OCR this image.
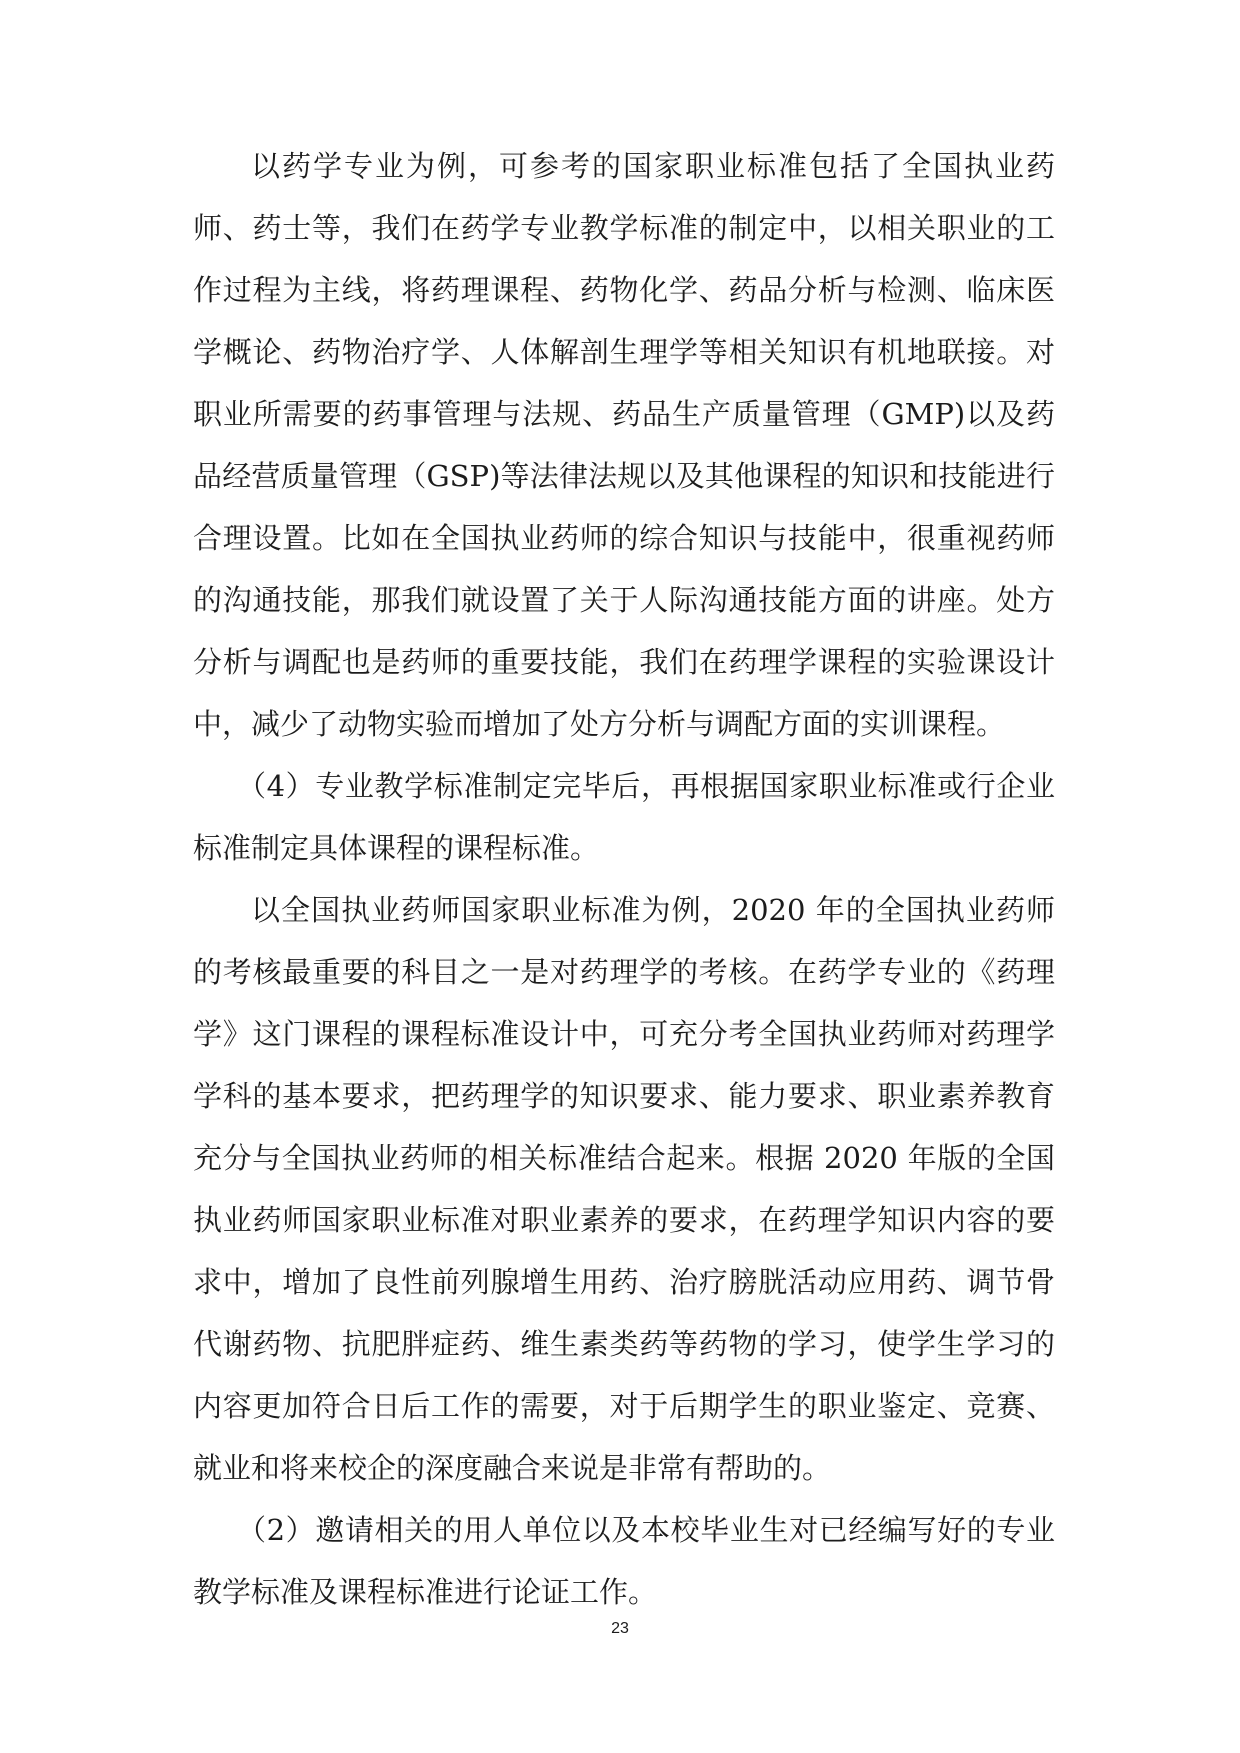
以药学专业为例，可参考的国家职业标准包括了全国执业药师、药士等，我们在药学专业教学标准的制定中，以相关职业的工作过程为主线，将药理课程、药物化学、药品分析与检测、临床医学概论、药物治疗学、人体解剖生理学等相关知识有机地联接。对职业所需要的药事管理与法规、药品生产质量管理（GMP)以及药品经营质量管理（GSP)等法律法规以及其他课程的知识和技能进行合理设置。比如在全国执业药师的综合知识与技能中，很重视药师的沟通技能，那我们就设置了关于人际沟通技能方面的讲座。处方分析与调配也是药师的重要技能，我们在药理学课程的实验课设计中，减少了动物实验而增加了处方分析与调配方面的实训课程。

（4）专业教学标准制定完毕后，再根据国家职业标准或行企业标准制定具体课程的课程标准。

以全国执业药师国家职业标准为例，2020 年的全国执业药师的考核最重要的科目之一是对药理学的考核。在药学专业的《药理学》这门课程的课程标准设计中，可充分考全国执业药师对药理学学科的基本要求，把药理学的知识要求、能力要求、职业素养教育充分与全国执业药师的相关标准结合起来。根据 2020 年版的全国执业药师国家职业标准对职业素养的要求，在药理学知识内容的要求中，增加了良性前列腺增生用药、治疗膀胱活动应用药、调节骨代谢药物、抗肥胖症药、维生素类药等药物的学习，使学生学习的内容更加符合日后工作的需要，对于后期学生的职业鉴定、竞赛、就业和将来校企的深度融合来说是非常有帮助的。

（2）邀请相关的用人单位以及本校毕业生对已经编写好的专业教学标准及课程标准进行论证工作。

23
